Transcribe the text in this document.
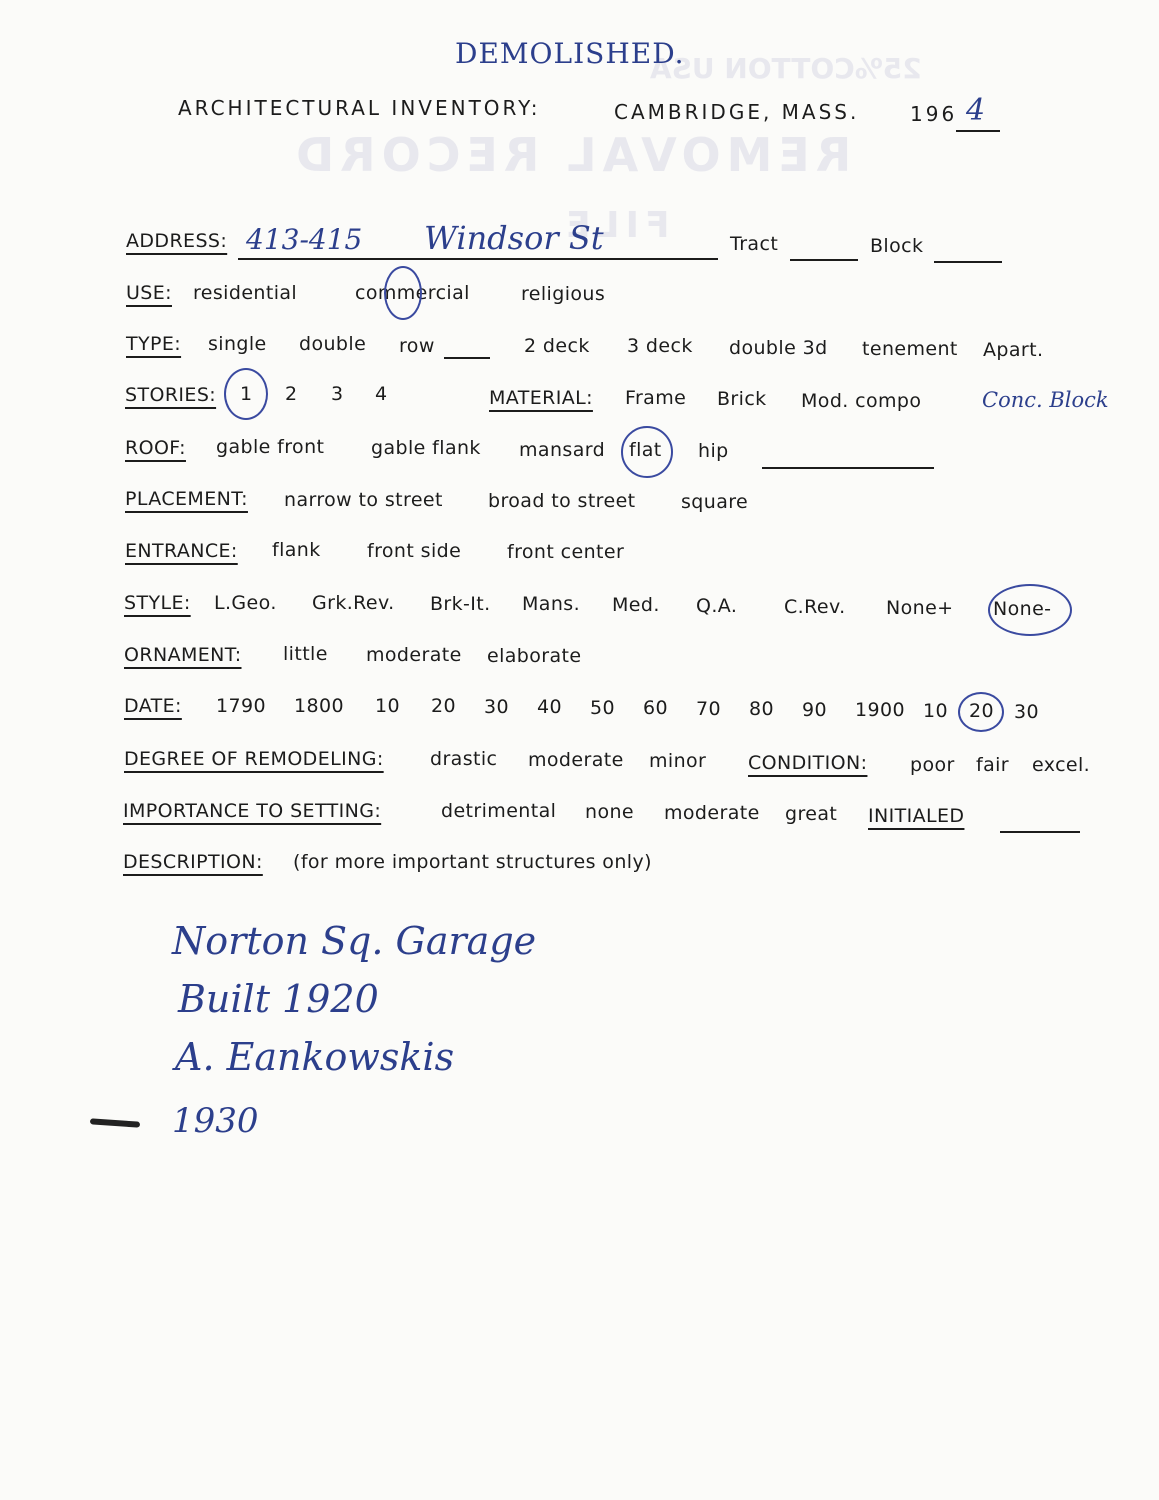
25%COTTON USA
REMOVAL RECORD
FILE
DEMOLISHED.
ARCHITECTURAL INVENTORY:	CAMBRIDGE, MASS.	196 4
ADDRESS: 413-415 Windsor St	Tract	Block
USE: residential	commercial	religious
TYPE: single double row	2 deck 3 deck double 3d tenement Apart.
STORIES: 1 2 3 4	MATERIAL: Frame Brick Mod. compo	Conc. Block
ROOF: gable front gable flank mansard flat hip
PLACEMENT: narrow to street broad to street square
ENTRANCE: flank front side front center
STYLE: L.Geo. Grk.Rev. Brk-It. Mans. Med. Q.A. C.Rev. None+ None-
ORNAMENT: little moderate elaborate
DATE: 1790 1800 10 20 30 40 50 60 70 80 90 1900 10 20 30
DEGREE OF REMODELING: drastic moderate minor CONDITION: poor fair excel.
IMPORTANCE TO SETTING:	detrimental none moderate great INITIALED
DESCRIPTION: (for more important structures only)
Norton Sq. Garage
Built 1920
A. Eankowskis
1930
